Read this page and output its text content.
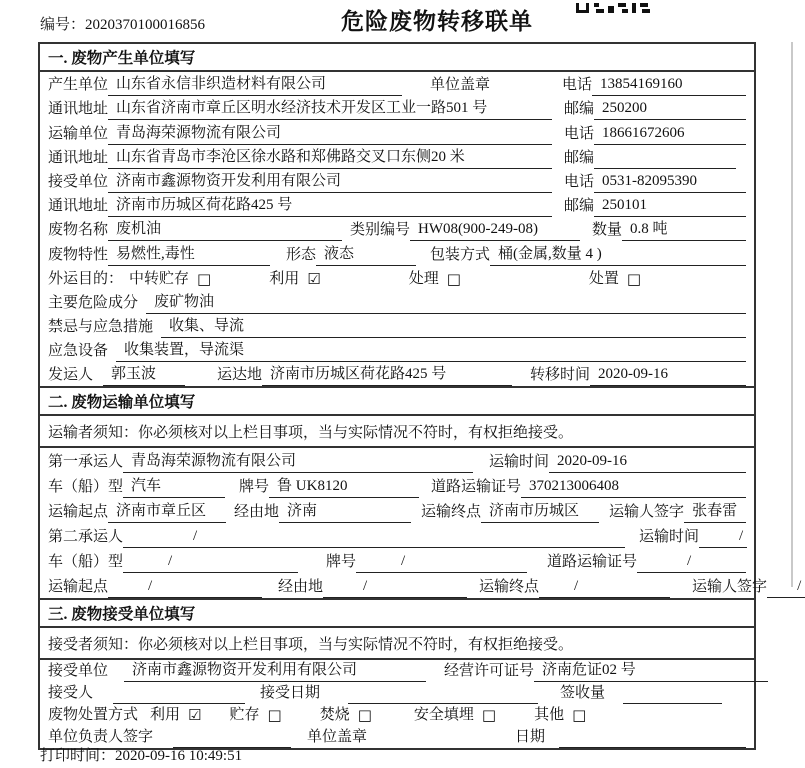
编号：2020370100016856	危险废物转移联单
一. 废物产生单位填写
产生单位 山东省永信非织造材料有限公司	单位盖章	电话 13854169160
通讯地址 山东省济南市章丘区明水经济技术开发区工业一路501 号	邮编 250200
运输单位 青岛海荣源物流有限公司	电话 18661672606
通讯地址 山东省青岛市李沧区徐水路和郑佛路交叉口东侧20 米	邮编
接受单位 济南市鑫源物资开发利用有限公司	电话 0531-82095390
通讯地址 济南市历城区荷花路425 号	邮编 250101
废物名称 废机油	类别编号 HW08(900-249-08)	数量 0.8 吨
废物特性 易燃性,毒性	形态 液态	包装方式 桶(金属,数量 4 )
外运目的： 中转贮存 □	利用 ☑	处理 □	处置 □
主要危险成分	废矿物油
禁忌与应急措施	收集、导流
应急设备	收集装置，导流渠
发运人	郭玉波	运达地 济南市历城区荷花路425 号	转移时间 2020-09-16
二. 废物运输单位填写
运输者须知：你必须核对以上栏目事项，当与实际情况不符时，有权拒绝接受。
第一承运人 青岛海荣源物流有限公司	运输时间 2020-09-16
车（船）型 汽车	牌号 鲁 UK8120	道路运输证号 370213006408
运输起点 济南市章丘区	经由地 济南	运输终点 济南市历城区	运输人签字 张春雷
第二承运人	/	运输时间	/
车（船）型	/	牌号	/	道路运输证号	/
运输起点	/	经由地	/	运输终点	/	运输人签字	/
三. 废物接受单位填写
接受者须知：你必须核对以上栏目事项，当与实际情况不符时，有权拒绝接受。
接受单位	济南市鑫源物资开发利用有限公司	经营许可证号 济南危证02 号
接受人	接受日期	签收量
废物处置方式 利用 ☑ 贮存 □	焚烧 □	安全填埋 □	其他 □
单位负责人签字	单位盖章	日期
打印时间：2020-09-16 10:49:51
